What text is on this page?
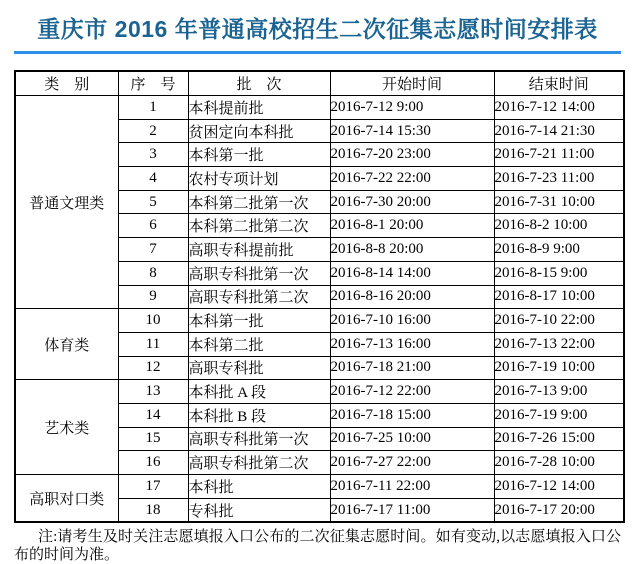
重庆市 2016 年普通高校招生二次征集志愿时间安排表
类　别	序　号	批　次	开始时间	结束时间
普通文理类	1	本科提前批	2016-7-12 9:00	2016-7-12 14:00
	2	贫困定向本科批	2016-7-14 15:30	2016-7-14 21:30
	3	本科第一批	2016-7-20 23:00	2016-7-21 11:00
	4	农村专项计划	2016-7-22 22:00	2016-7-23 11:00
	5	本科第二批第一次	2016-7-30 20:00	2016-7-31 10:00
	6	本科第二批第二次	2016-8-1 20:00	2016-8-2 10:00
	7	高职专科提前批	2016-8-8 20:00	2016-8-9 9:00
	8	高职专科批第一次	2016-8-14 14:00	2016-8-15 9:00
	9	高职专科批第二次	2016-8-16 20:00	2016-8-17 10:00
体育类	10	本科第一批	2016-7-10 16:00	2016-7-10 22:00
	11	本科第二批	2016-7-13 16:00	2016-7-13 22:00
	12	高职专科批	2016-7-18 21:00	2016-7-19 10:00
艺术类	13	本科批 A 段	2016-7-12 22:00	2016-7-13 9:00
	14	本科批 B 段	2016-7-18 15:00	2016-7-19 9:00
	15	高职专科批第一次	2016-7-25 10:00	2016-7-26 15:00
	16	高职专科批第二次	2016-7-27 22:00	2016-7-28 10:00
高职对口类	17	本科批	2016-7-11 22:00	2016-7-12 14:00
	18	专科批	2016-7-17 11:00	2016-7-17 20:00

注:请考生及时关注志愿填报入口公布的二次征集志愿时间。如有变动,以志愿填报入口公布的时间为准。
